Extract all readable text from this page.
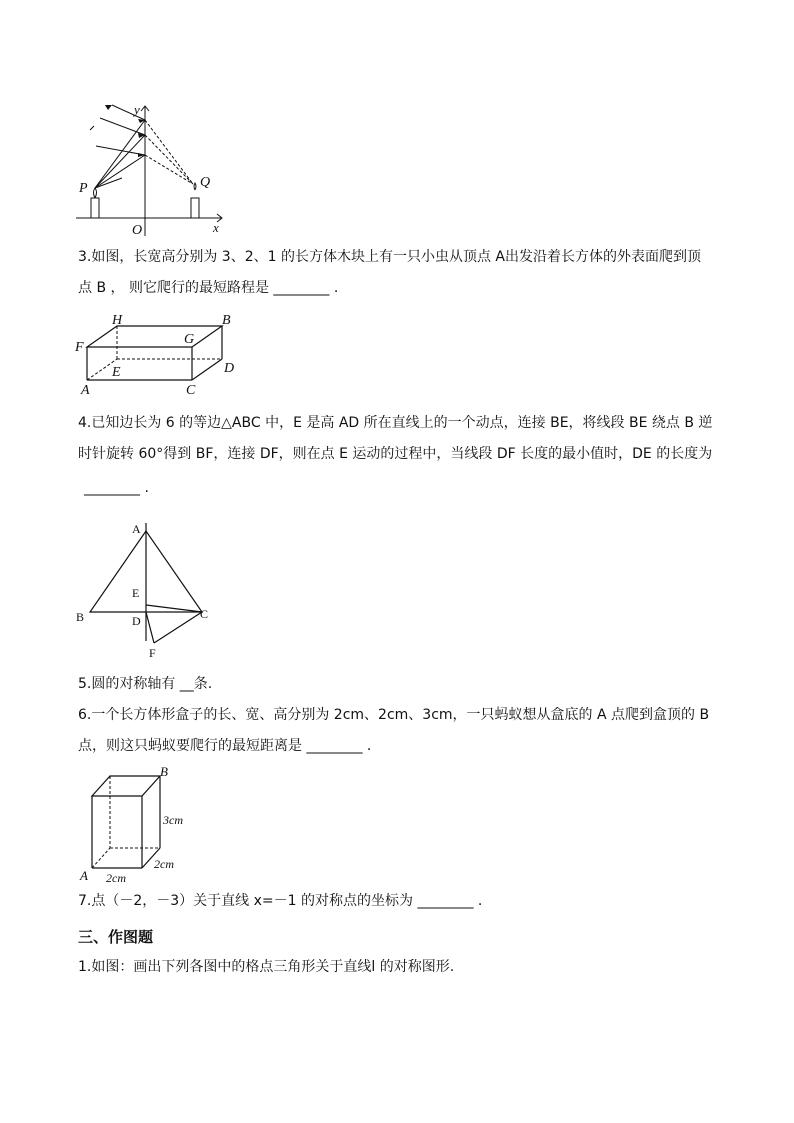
y
x
O
P	Q
3.如图，长宽高分别为 3、2、1 的长方体木块上有一只小虫从顶点 A出发沿着长方体的外表面爬到顶
点 B ， 则它爬行的最短路程是 ________ .
H	B
F
G
D
E
A	C
4.已知边长为 6 的等边△ABC 中，E 是高 AD 所在直线上的一个动点，连接 BE，将线段 BE 绕点 B 逆
时针旋转 60°得到 BF，连接 DF，则在点 E 运动的过程中，当线段 DF 长度的最小值时，DE 的长度为
________ .
A
B	C
D
E
F
5.圆的对称轴有 __条.
6.一个长方体形盒子的长、宽、高分别为 2cm、2cm、3cm，一只蚂蚁想从盒底的 A 点爬到盒顶的 B
点，则这只蚂蚁要爬行的最短距离是 ________ .
B
A
3cm
2cm
2cm
7.点（－2，－3）关于直线 x=－1 的对称点的坐标为 ________ .
三、作图题
1.如图：画出下列各图中的格点三角形关于直线l 的对称图形.
